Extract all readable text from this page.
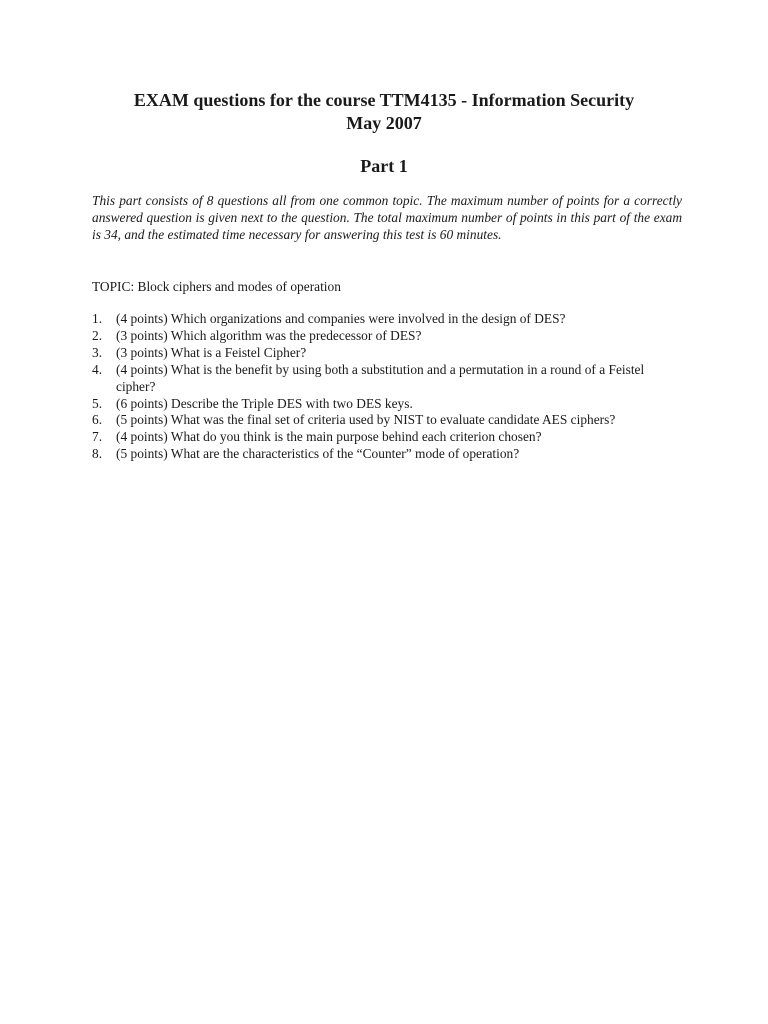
EXAM questions for the course TTM4135 - Information Security
May 2007
Part 1
This part consists of 8 questions all from one common topic. The maximum number of points for a correctly answered question is given next to the question. The total maximum number of points in this part of the exam is 34, and the estimated time necessary for answering this test is 60 minutes.
TOPIC: Block ciphers and modes of operation
1. (4 points) Which organizations and companies were involved in the design of DES?
2. (3 points) Which algorithm was the predecessor of DES?
3. (3 points) What is a Feistel Cipher?
4. (4 points) What is the benefit by using both a substitution and a permutation in a round of a Feistel cipher?
5. (6 points) Describe the Triple DES with two DES keys.
6. (5 points) What was the final set of criteria used by NIST to evaluate candidate AES ciphers?
7. (4 points) What do you think is the main purpose behind each criterion chosen?
8. (5 points) What are the characteristics of the “Counter” mode of operation?
